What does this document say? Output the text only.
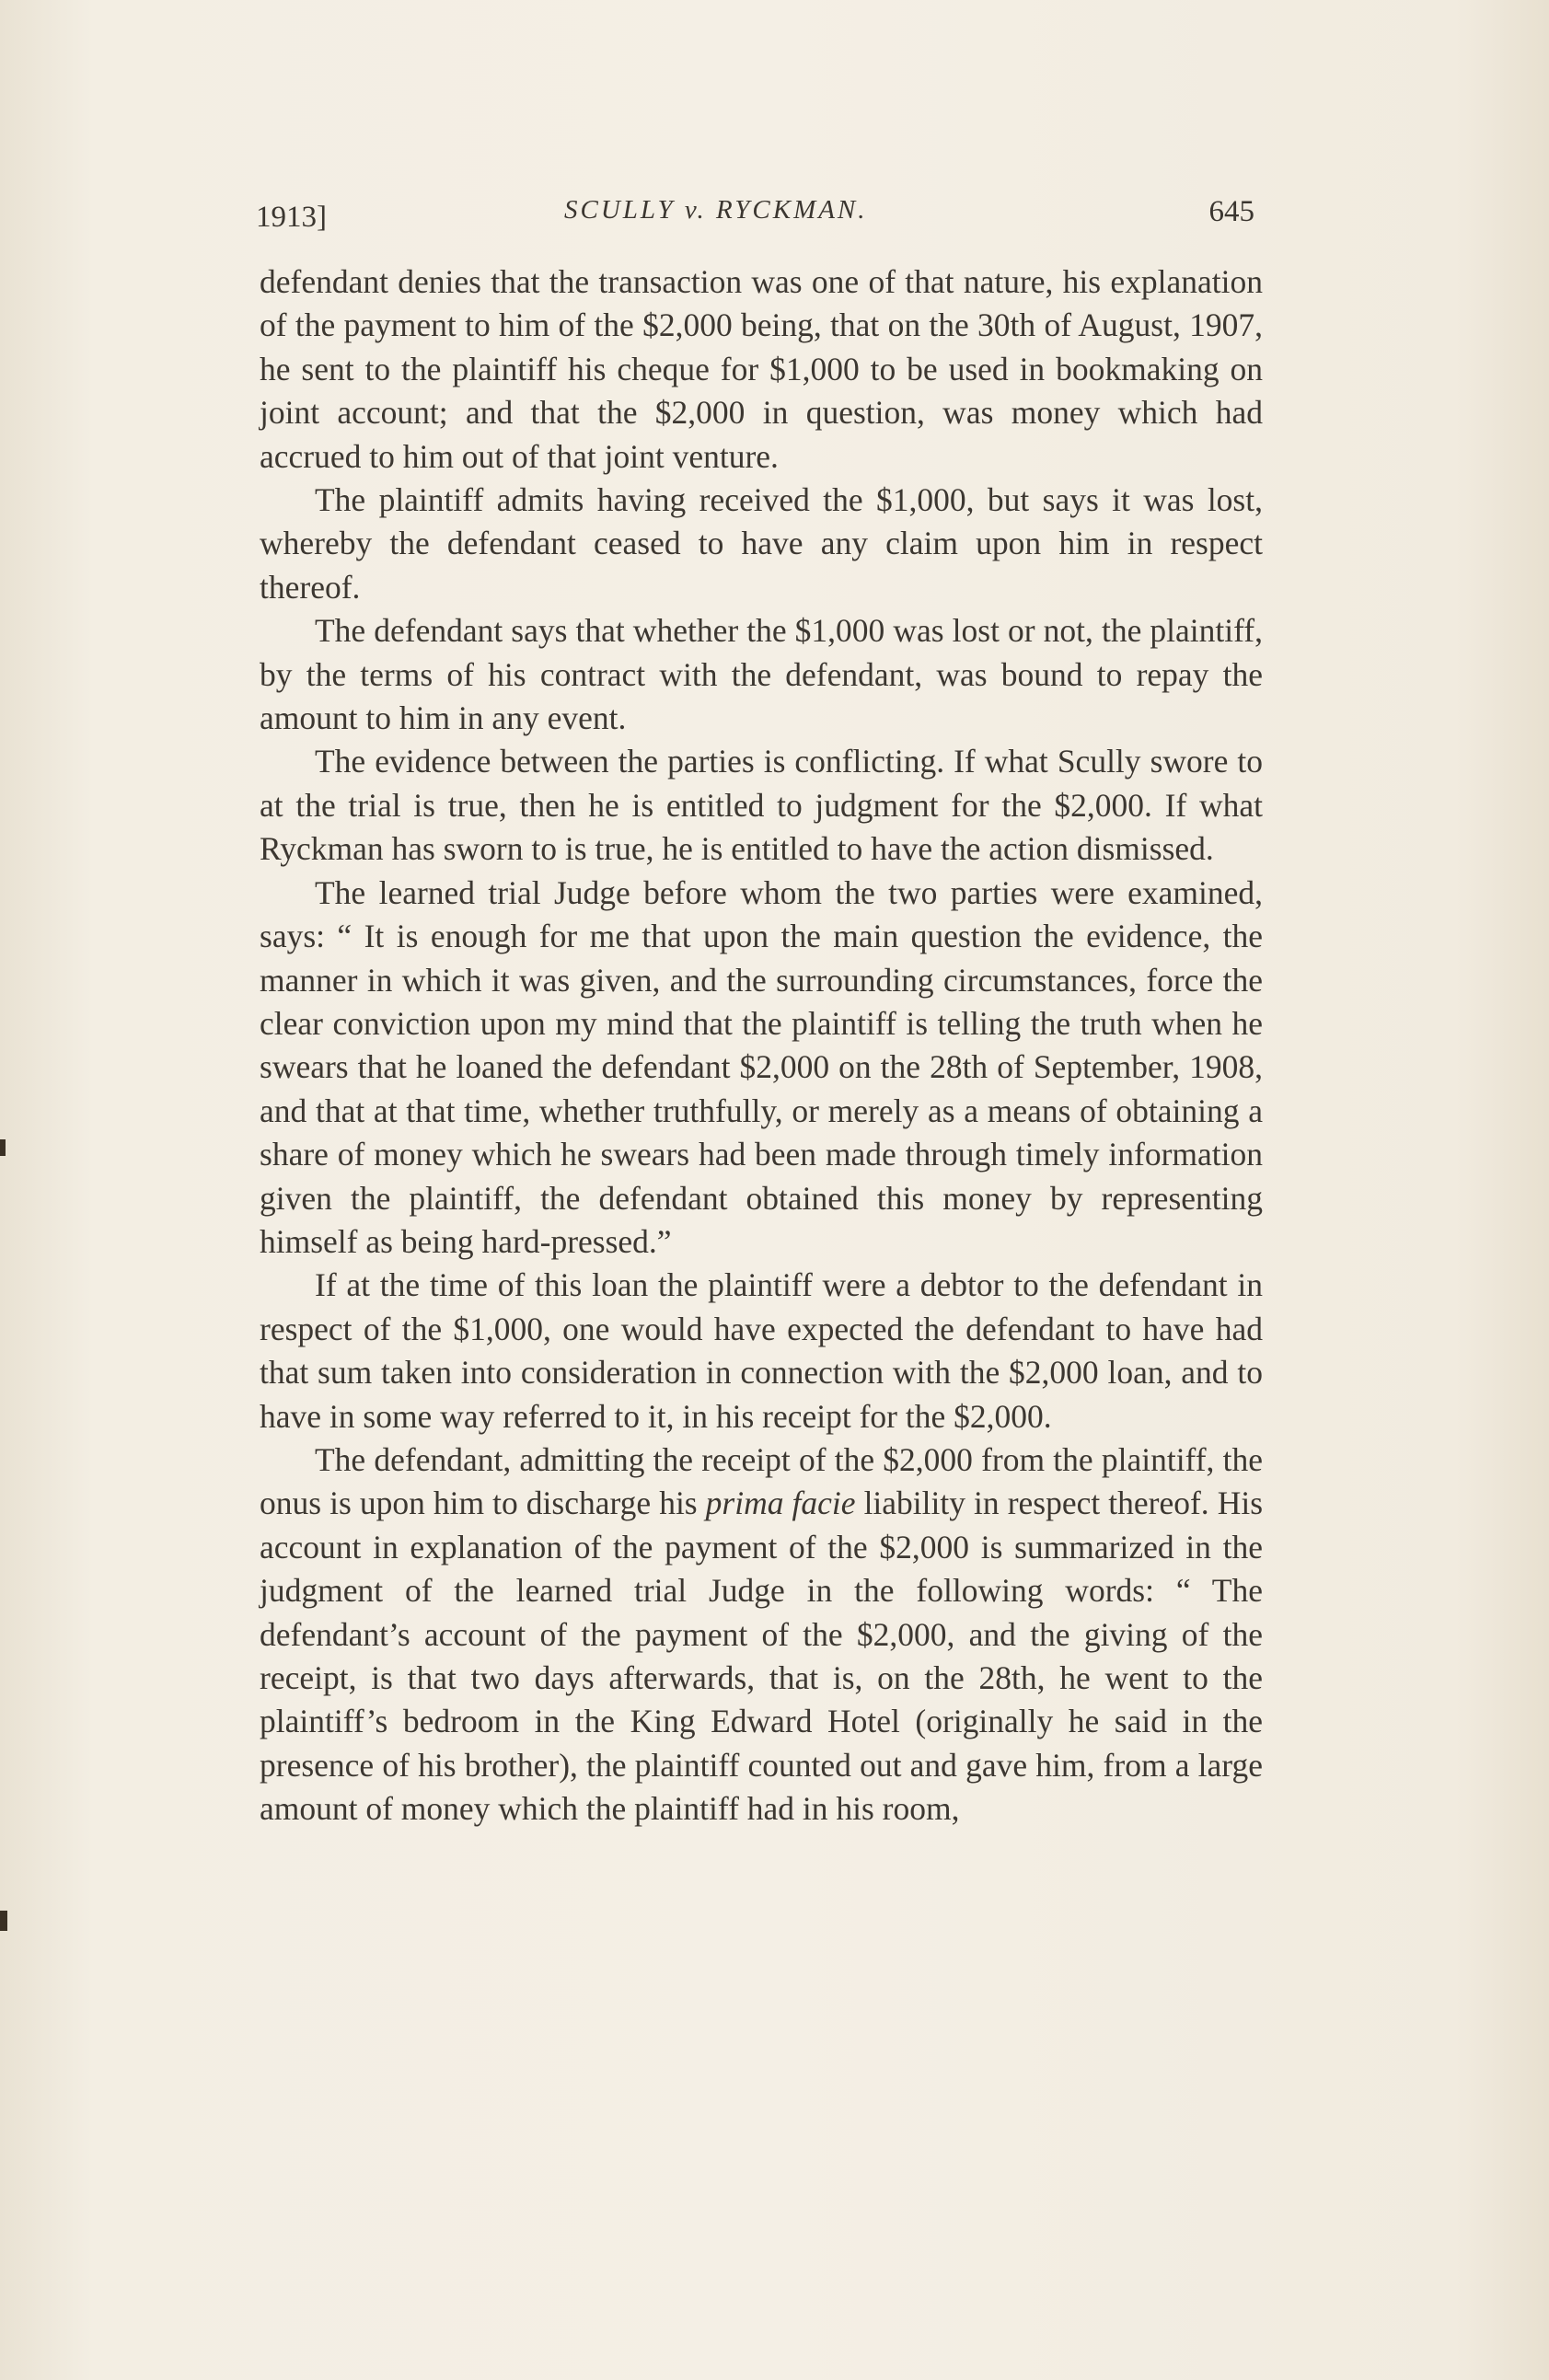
1913]	SCULLY v. RYCKMAN.	645

defendant denies that the transaction was one of that nature, his explanation of the payment to him of the $2,000 being, that on the 30th of August, 1907, he sent to the plaintiff his cheque for $1,000 to be used in bookmaking on joint account; and that the $2,000 in question, was money which had accrued to him out of that joint venture.

The plaintiff admits having received the $1,000, but says it was lost, whereby the defendant ceased to have any claim upon him in respect thereof.

The defendant says that whether the $1,000 was lost or not, the plaintiff, by the terms of his contract with the defendant, was bound to repay the amount to him in any event.

The evidence between the parties is conflicting. If what Scully swore to at the trial is true, then he is entitled to judgment for the $2,000. If what Ryckman has sworn to is true, he is entitled to have the action dismissed.

The learned trial Judge before whom the two parties were examined, says: “ It is enough for me that upon the main question the evidence, the manner in which it was given, and the surrounding circumstances, force the clear conviction upon my mind that the plaintiff is telling the truth when he swears that he loaned the defendant $2,000 on the 28th of September, 1908, and that at that time, whether truthfully, or merely as a means of obtaining a share of money which he swears had been made through timely information given the plaintiff, the defendant obtained this money by representing himself as being hard-pressed.”

If at the time of this loan the plaintiff were a debtor to the defendant in respect of the $1,000, one would have expected the defendant to have had that sum taken into consideration in connection with the $2,000 loan, and to have in some way referred to it, in his receipt for the $2,000.

The defendant, admitting the receipt of the $2,000 from the plaintiff, the onus is upon him to discharge his prima facie liability in respect thereof. His account in explanation of the payment of the $2,000 is summarized in the judgment of the learned trial Judge in the following words: “ The defendant’s account of the payment of the $2,000, and the giving of the receipt, is that two days afterwards, that is, on the 28th, he went to the plaintiff’s bedroom in the King Edward Hotel (originally he said in the presence of his brother), the plaintiff counted out and gave him, from a large amount of money which the plaintiff had in his room,
